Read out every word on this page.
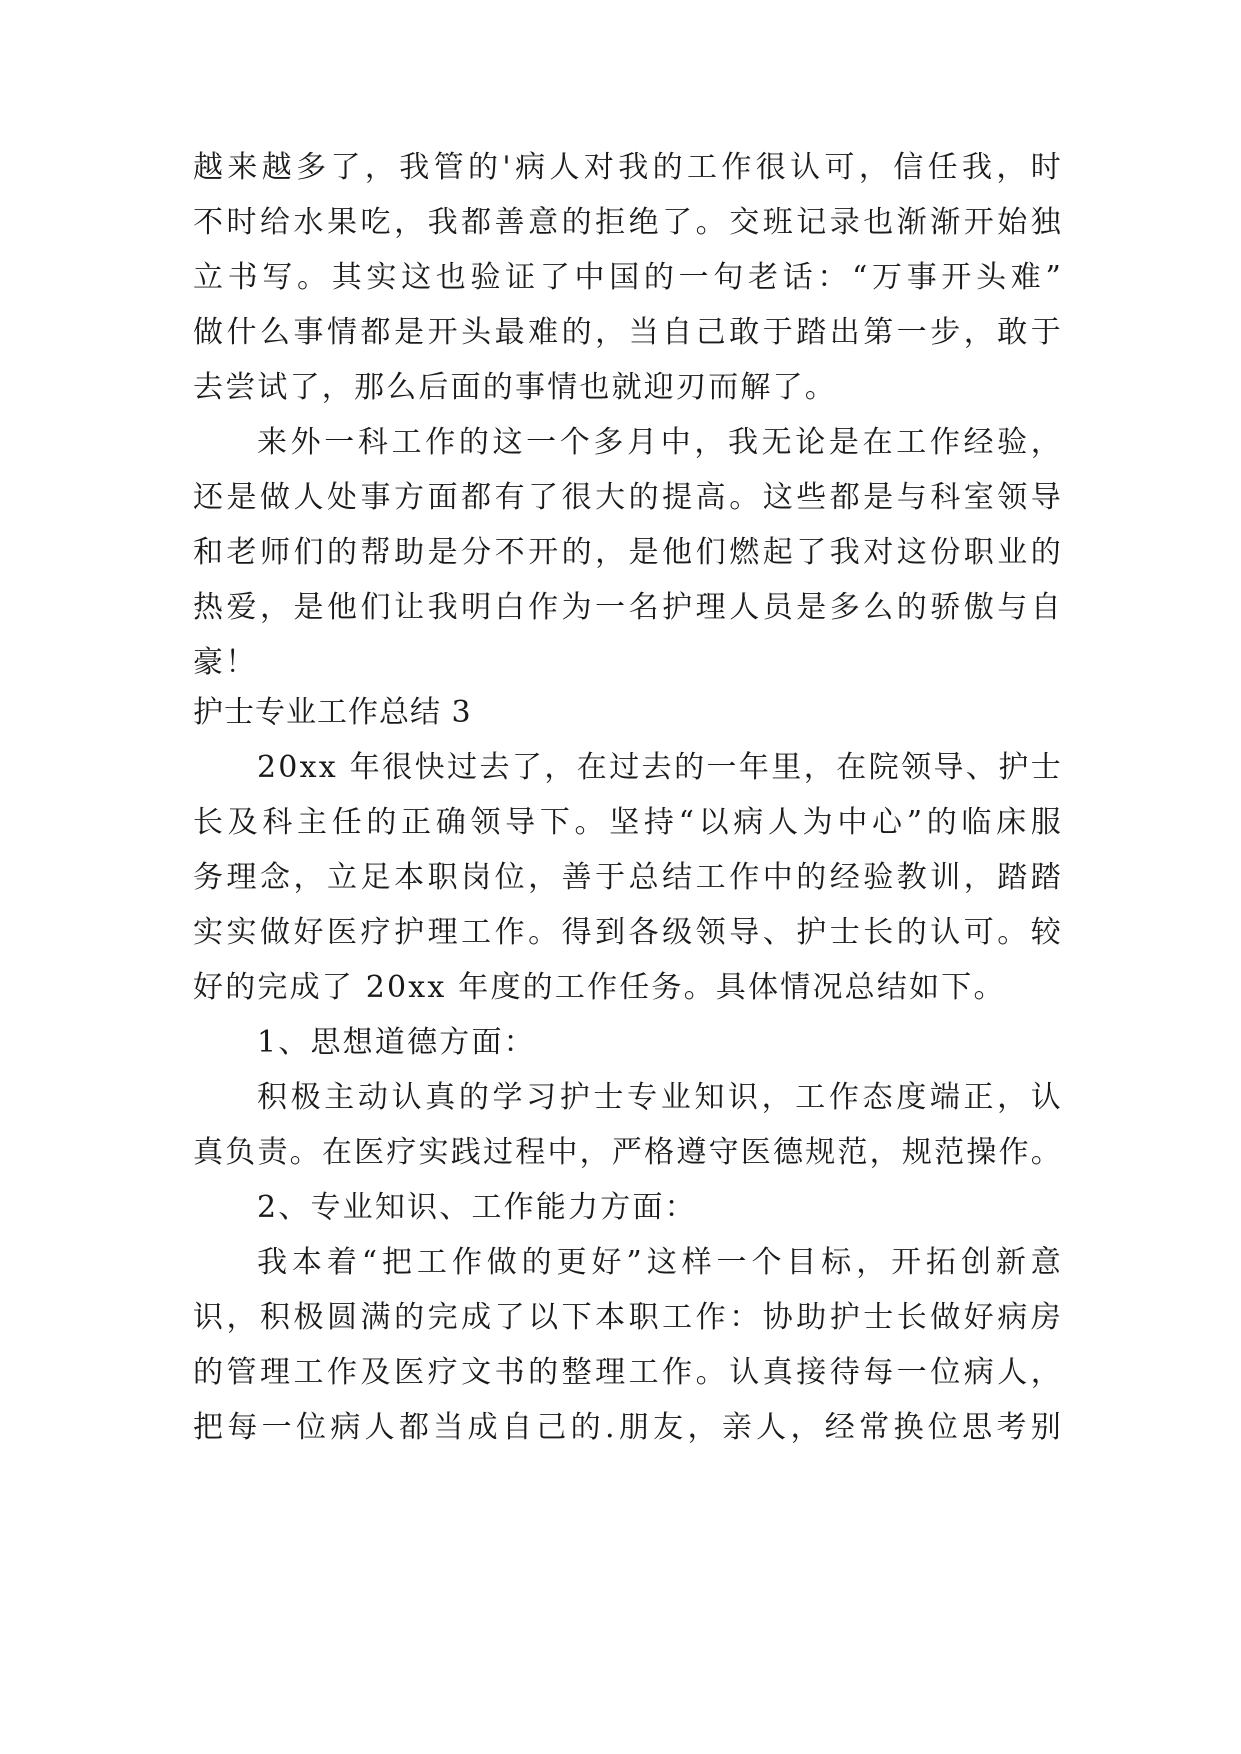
越来越多了，我管的'病人对我的工作很认可，信任我，时
不时给水果吃，我都善意的拒绝了。交班记录也渐渐开始独
立书写。其实这也验证了中国的一句老话：“万事开头难”
做什么事情都是开头最难的，当自己敢于踏出第一步，敢于
去尝试了，那么后面的事情也就迎刃而解了。
来外一科工作的这一个多月中，我无论是在工作经验，
还是做人处事方面都有了很大的提高。这些都是与科室领导
和老师们的帮助是分不开的，是他们燃起了我对这份职业的
热爱，是他们让我明白作为一名护理人员是多么的骄傲与自
豪！
护士专业工作总结 3
20xx 年很快过去了，在过去的一年里，在院领导、护士
长及科主任的正确领导下。坚持“以病人为中心”的临床服
务理念，立足本职岗位，善于总结工作中的经验教训，踏踏
实实做好医疗护理工作。得到各级领导、护士长的认可。较
好的完成了 20xx 年度的工作任务。具体情况总结如下。
1、思想道德方面：
积极主动认真的学习护士专业知识，工作态度端正，认
真负责。在医疗实践过程中，严格遵守医德规范，规范操作。
2、专业知识、工作能力方面：
我本着“把工作做的更好”这样一个目标，开拓创新意
识，积极圆满的完成了以下本职工作：协助护士长做好病房
的管理工作及医疗文书的整理工作。认真接待每一位病人，
把每一位病人都当成自己的.朋友，亲人，经常换位思考别
